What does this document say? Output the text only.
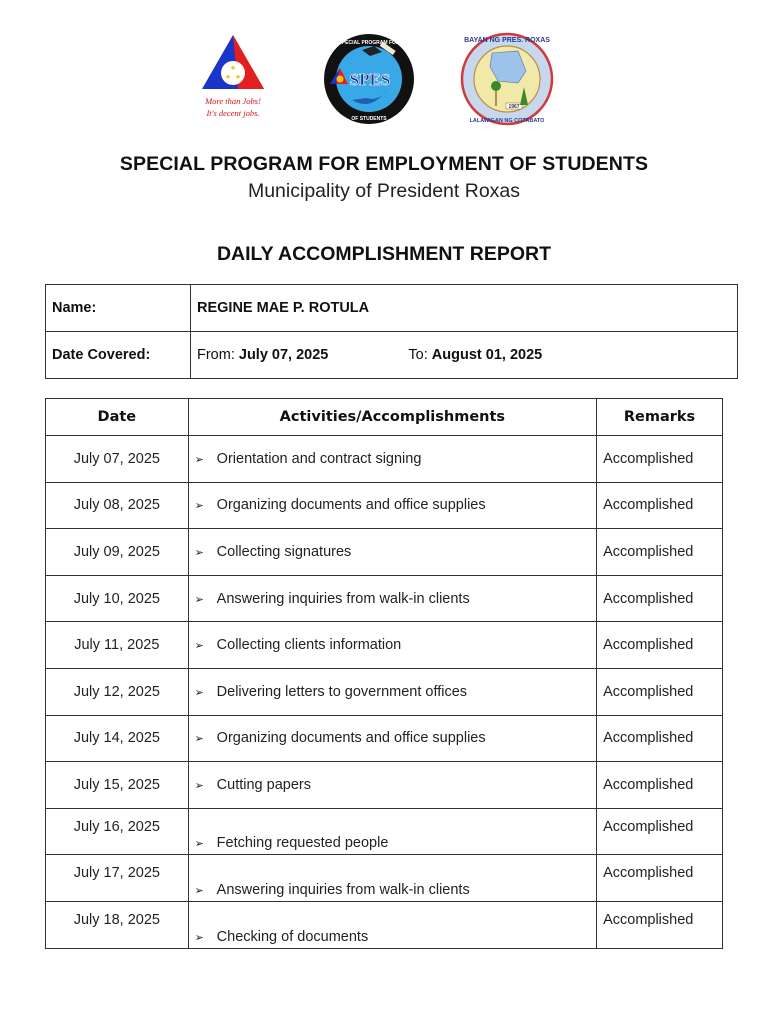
★
★ ★
More than Jobs!
It's decent jobs.
SPES
SPECIAL PROGRAM FOR
OF STUDENTS
1967
BAYAN NG PRES. ROXAS
LALAWIGAN NG COTABATO
SPECIAL PROGRAM FOR EMPLOYMENT OF STUDENTS
Municipality of President Roxas
DAILY ACCOMPLISHMENT REPORT
Name:	REGINE MAE P. ROTULA
Date Covered:	From: July 07, 2025 To: August 01, 2025
Date	Activities/Accomplishments	Remarks
July 07, 2025	➢ Orientation and contract signing	Accomplished
July 08, 2025	➢ Organizing documents and office supplies	Accomplished
July 09, 2025	➢ Collecting signatures	Accomplished
July 10, 2025	➢ Answering inquiries from walk-in clients	Accomplished
July 11, 2025	➢ Collecting clients information	Accomplished
July 12, 2025	➢ Delivering letters to government offices	Accomplished
July 14, 2025	➢ Organizing documents and office supplies	Accomplished
July 15, 2025	➢ Cutting papers	Accomplished
July 16, 2025	➢ Fetching requested people	Accomplished
July 17, 2025	➢ Answering inquiries from walk-in clients	Accomplished
July 18, 2025	➢ Checking of documents	Accomplished
